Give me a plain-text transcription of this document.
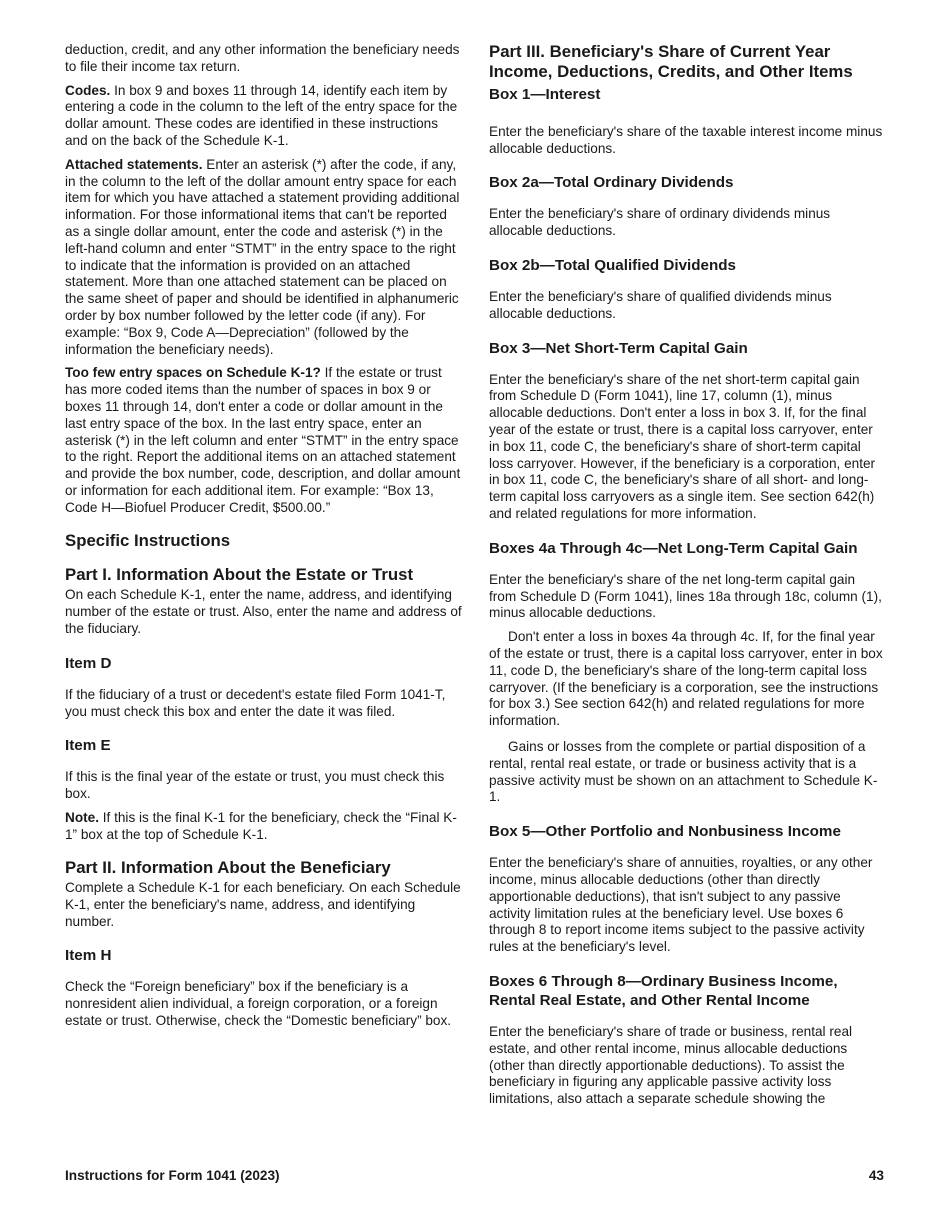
deduction, credit, and any other information the beneficiary needs to file their income tax return.

Codes. In box 9 and boxes 11 through 14, identify each item by entering a code in the column to the left of the entry space for the dollar amount. These codes are identified in these instructions and on the back of the Schedule K-1.

Attached statements. Enter an asterisk (*) after the code, if any, in the column to the left of the dollar amount entry space for each item for which you have attached a statement providing additional information. For those informational items that can't be reported as a single dollar amount, enter the code and asterisk (*) in the left-hand column and enter “STMT” in the entry space to the right to indicate that the information is provided on an attached statement. More than one attached statement can be placed on the same sheet of paper and should be identified in alphanumeric order by box number followed by the letter code (if any). For example: “Box 9, Code A—Depreciation” (followed by the information the beneficiary needs).

Too few entry spaces on Schedule K-1? If the estate or trust has more coded items than the number of spaces in box 9 or boxes 11 through 14, don't enter a code or dollar amount in the last entry space of the box. In the last entry space, enter an asterisk (*) in the left column and enter “STMT” in the entry space to the right. Report the additional items on an attached statement and provide the box number, code, description, and dollar amount or information for each additional item. For example: “Box 13, Code H—Biofuel Producer Credit, $500.00.”

Specific Instructions
Part I. Information About the Estate or Trust

On each Schedule K-1, enter the name, address, and identifying number of the estate or trust. Also, enter the name and address of the fiduciary.

Item D

If the fiduciary of a trust or decedent's estate filed Form 1041-T, you must check this box and enter the date it was filed.

Item E

If this is the final year of the estate or trust, you must check this box.

Note. If this is the final K-1 for the beneficiary, check the “Final K-1” box at the top of Schedule K-1.

Part II. Information About the Beneficiary

Complete a Schedule K-1 for each beneficiary. On each Schedule K-1, enter the beneficiary's name, address, and identifying number.

Item H

Check the “Foreign beneficiary” box if the beneficiary is a nonresident alien individual, a foreign corporation, or a foreign estate or trust. Otherwise, check the “Domestic beneficiary” box.

Part III. Beneficiary's Share of Current Year Income, Deductions, Credits, and Other Items
Box 1—Interest

Enter the beneficiary's share of the taxable interest income minus allocable deductions.

Box 2a—Total Ordinary Dividends

Enter the beneficiary's share of ordinary dividends minus allocable deductions.

Box 2b—Total Qualified Dividends

Enter the beneficiary's share of qualified dividends minus allocable deductions.

Box 3—Net Short-Term Capital Gain

Enter the beneficiary's share of the net short-term capital gain from Schedule D (Form 1041), line 17, column (1), minus allocable deductions. Don't enter a loss in box 3. If, for the final year of the estate or trust, there is a capital loss carryover, enter in box 11, code C, the beneficiary's share of short-term capital loss carryover. However, if the beneficiary is a corporation, enter in box 11, code C, the beneficiary's share of all short- and long-term capital loss carryovers as a single item. See section 642(h) and related regulations for more information.

Boxes 4a Through 4c—Net Long-Term Capital Gain

Enter the beneficiary's share of the net long-term capital gain from Schedule D (Form 1041), lines 18a through 18c, column (1), minus allocable deductions.

Don't enter a loss in boxes 4a through 4c. If, for the final year of the estate or trust, there is a capital loss carryover, enter in box 11, code D, the beneficiary's share of the long-term capital loss carryover. (If the beneficiary is a corporation, see the instructions for box 3.) See section 642(h) and related regulations for more information.

Gains or losses from the complete or partial disposition of a rental, rental real estate, or trade or business activity that is a passive activity must be shown on an attachment to Schedule K-1.

Box 5—Other Portfolio and Nonbusiness Income

Enter the beneficiary's share of annuities, royalties, or any other income, minus allocable deductions (other than directly apportionable deductions), that isn't subject to any passive activity limitation rules at the beneficiary level. Use boxes 6 through 8 to report income items subject to the passive activity rules at the beneficiary's level.

Boxes 6 Through 8—Ordinary Business Income, Rental Real Estate, and Other Rental Income

Enter the beneficiary's share of trade or business, rental real estate, and other rental income, minus allocable deductions (other than directly apportionable deductions). To assist the beneficiary in figuring any applicable passive activity loss limitations, also attach a separate schedule showing the

Instructions for Form 1041 (2023)	43
